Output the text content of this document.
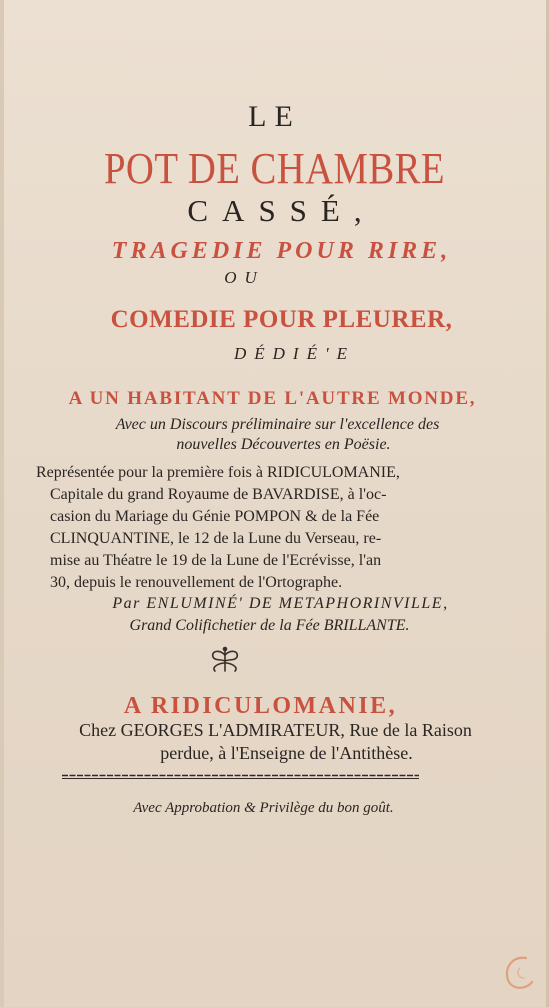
LE
POT DE CHAMBRE
CASSÉ,
TRAGEDIE POUR RIRE,
OU
COMEDIE POUR PLEURER,
DÉDIÉ'E
A UN HABITANT DE L'AUTRE MONDE,
Avec un Discours préliminaire sur l'excellence des
nouvelles Découvertes en Poësie.

Représentée pour la première fois à RIDICULOMANIE,

Capitale du grand Royaume de BAVARDISE, à l'oc-

casion du Mariage du Génie POMPON & de la Fée

CLINQUANTINE, le 12 de la Lune du Verseau, re-

mise au Théatre le 19 de la Lune de l'Ecrévisse, l'an

30, depuis le renouvellement de l'Ortographe.

Par ENLUMINÉ' DE METAPHORINVILLE,
Grand Colifichetier de la Fée BRILLANTE.
A RIDICULOMANIE,
Chez GEORGES L'ADMIRATEUR, Rue de la Raison
perdue, à l'Enseigne de l'Antithèse.
Avec Approbation & Privilège du bon goût.
